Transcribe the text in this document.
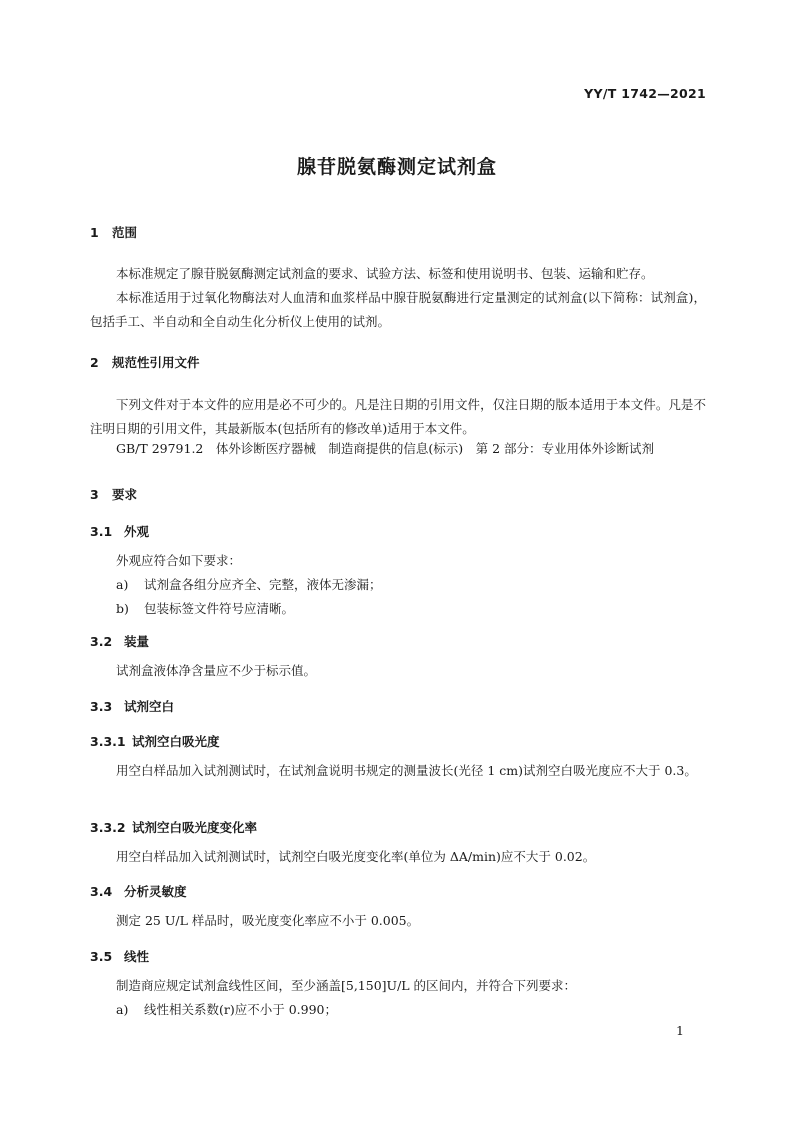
YY/T 1742—2021
腺苷脱氨酶测定试剂盒
1 范围

本标准规定了腺苷脱氨酶测定试剂盒的要求、试验方法、标签和使用说明书、包装、运输和贮存。

本标准适用于过氧化物酶法对人血清和血浆样品中腺苷脱氨酶进行定量测定的试剂盒(以下简称：试剂盒)，包括手工、半自动和全自动生化分析仪上使用的试剂。

2 规范性引用文件

下列文件对于本文件的应用是必不可少的。凡是注日期的引用文件，仅注日期的版本适用于本文件。凡是不注明日期的引用文件，其最新版本(包括所有的修改单)适用于本文件。

GB/T 29791.2　体外诊断医疗器械　制造商提供的信息(标示)　第 2 部分：专业用体外诊断试剂
3 要求
3.1 外观

外观应符合如下要求：

a) 试剂盒各组分应齐全、完整，液体无渗漏；
b) 包装标签文件符号应清晰。
3.2 装量

试剂盒液体净含量应不少于标示值。

3.3 试剂空白
3.3.1 试剂空白吸光度

用空白样品加入试剂测试时，在试剂盒说明书规定的测量波长(光径 1 cm)试剂空白吸光度应不大于 0.3。

3.3.2 试剂空白吸光度变化率

用空白样品加入试剂测试时，试剂空白吸光度变化率(单位为 ΔA/min)应不大于 0.02。

3.4 分析灵敏度

测定 25 U/L 样品时，吸光度变化率应不小于 0.005。

3.5 线性

制造商应规定试剂盒线性区间，至少涵盖[5,150]U/L 的区间内，并符合下列要求：

a) 线性相关系数(r)应不小于 0.990；
1
